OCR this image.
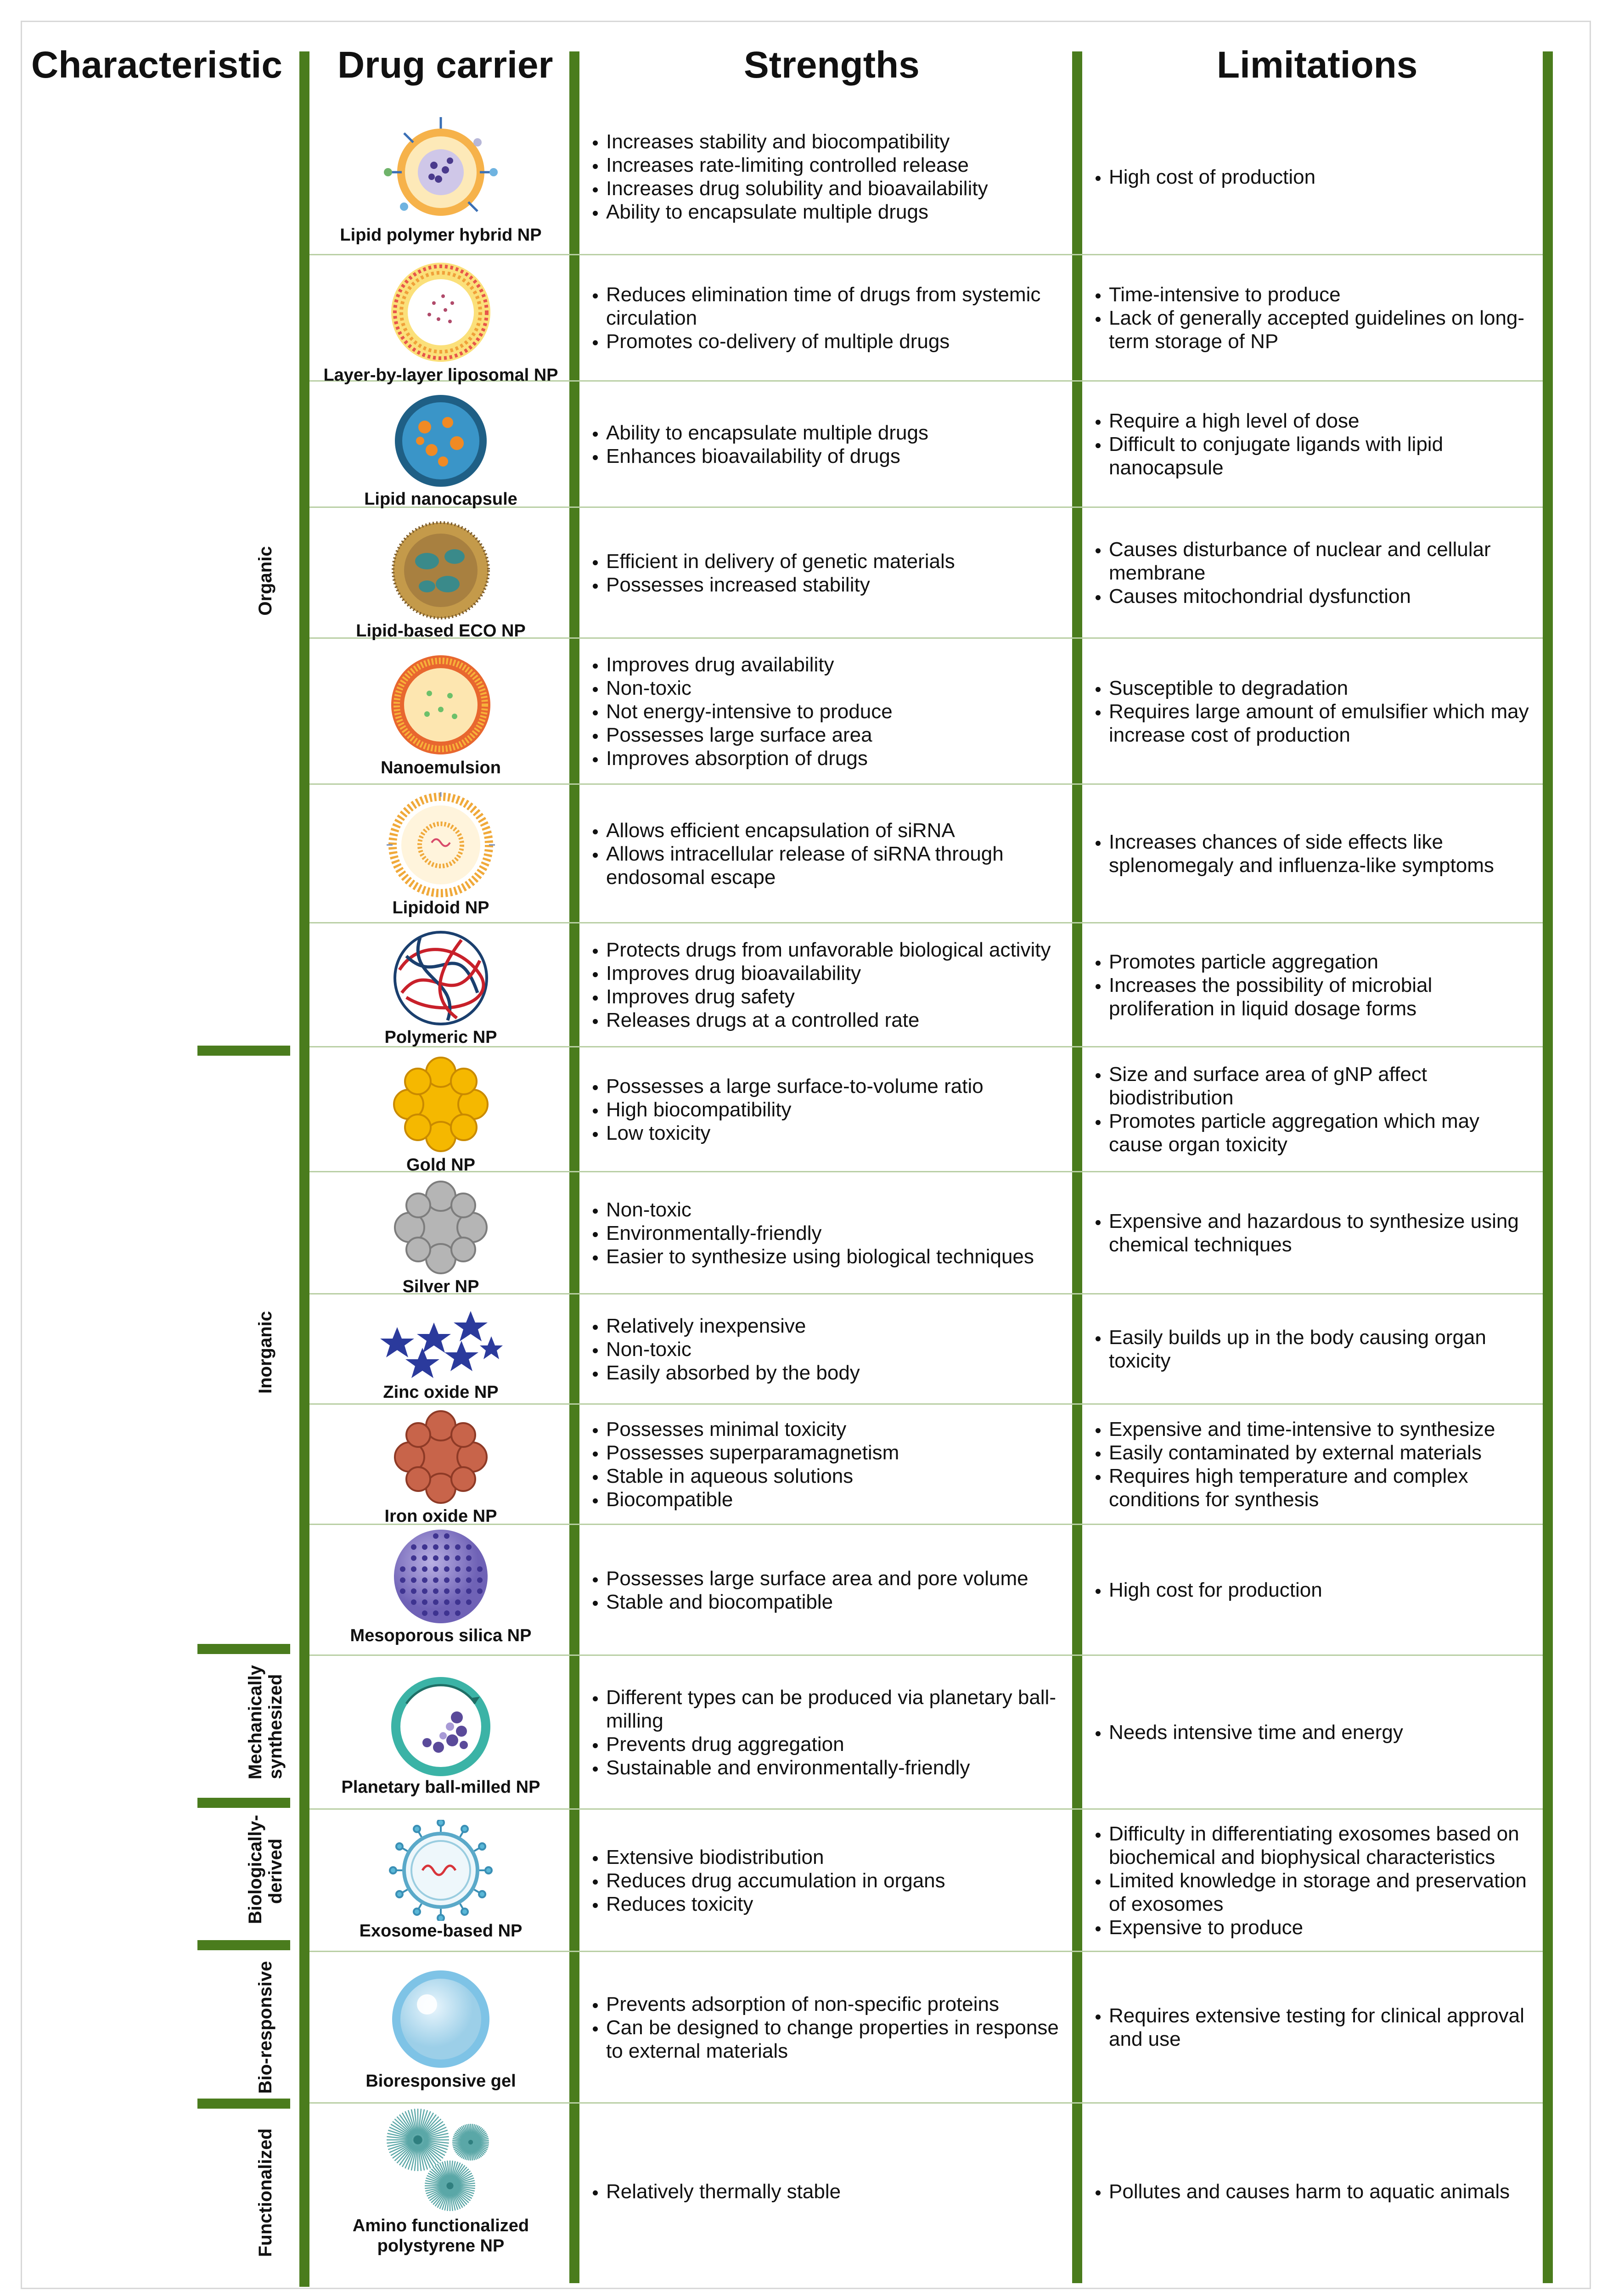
Characteristic Drug carrier	Strengths	Limitations
Organic
Inorganic
Mechanically synthesized
Biologically-derived
Bio-responsive
Functionalized
Lipid polymer hybrid NP
Layer-by-layer liposomal NP
Lipid nanocapsule
Lipid-based ECO NP
Nanoemulsion
Lipidoid NP
Polymeric NP
Gold NP
Silver NP
Zinc oxide NP
Iron oxide NP
Mesoporous silica NP
Planetary ball-milled NP
Exosome-based NP
Bioresponsive gel
Amino functionalized polystyrene NP
• Increases stability and biocompatibility
• Increases rate-limiting controlled release
• Increases drug solubility and bioavailability
• Ability to encapsulate multiple drugs
• High cost of production
• Reduces elimination time of drugs from systemic circulation
• Promotes co-delivery of multiple drugs
• Time-intensive to produce
• Lack of generally accepted guidelines on long-term storage of NP
• Ability to encapsulate multiple drugs
• Enhances bioavailability of drugs
• Require a high level of dose
• Difficult to conjugate ligands with lipid nanocapsule
• Efficient in delivery of genetic materials
• Possesses increased stability
• Causes disturbance of nuclear and cellular membrane
• Causes mitochondrial dysfunction
• Improves drug availability
• Non-toxic
• Not energy-intensive to produce
• Possesses large surface area
• Improves absorption of drugs
• Susceptible to degradation
• Requires large amount of emulsifier which may increase cost of production
• Allows efficient encapsulation of siRNA
• Allows intracellular release of siRNA through endosomal escape
• Increases chances of side effects like splenomegaly and influenza-like symptoms
• Protects drugs from unfavorable biological activity
• Improves drug bioavailability
• Improves drug safety
• Releases drugs at a controlled rate
• Promotes particle aggregation
• Increases the possibility of microbial proliferation in liquid dosage forms
• Possesses a large surface-to-volume ratio
• High biocompatibility
• Low toxicity
• Size and surface area of gNP affect biodistribution
• Promotes particle aggregation which may cause organ toxicity
• Non-toxic
• Environmentally-friendly
• Easier to synthesize using biological techniques
• Expensive and hazardous to synthesize using chemical techniques
• Relatively inexpensive
• Non-toxic
• Easily absorbed by the body
• Easily builds up in the body causing organ toxicity
• Possesses minimal toxicity
• Possesses superparamagnetism
• Stable in aqueous solutions
• Biocompatible
• Expensive and time-intensive to synthesize
• Easily contaminated by external materials
• Requires high temperature and complex conditions for synthesis
• Possesses large surface area and pore volume
• Stable and biocompatible
• High cost for production
• Different types can be produced via planetary ball-milling
• Prevents drug aggregation
• Sustainable and environmentally-friendly
• Needs intensive time and energy
• Extensive biodistribution
• Reduces drug accumulation in organs
• Reduces toxicity
• Difficulty in differentiating exosomes based on biochemical and biophysical characteristics
• Limited knowledge in storage and preservation of exosomes
• Expensive to produce
• Prevents adsorption of non-specific proteins
• Can be designed to change properties in response to external materials
• Requires extensive testing for clinical approval and use
• Relatively thermally stable
•	Pollutes and causes harm to aquatic animals
